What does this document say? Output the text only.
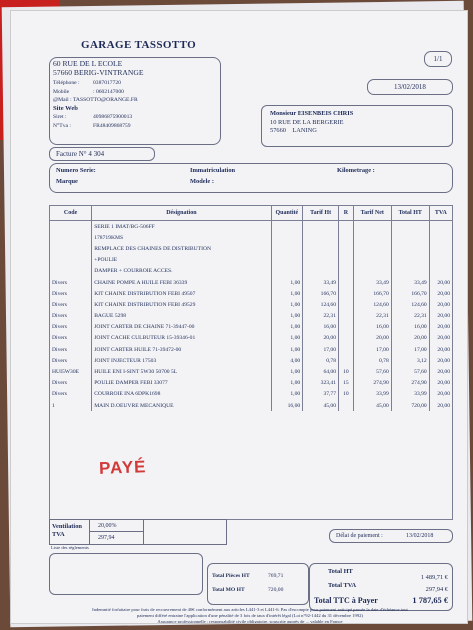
GARAGE TASSOTTO
60 RUE DE L ECOLE
57660 BERIG-VINTRANGE
Téléphone :	0387017720
Mobile	: 0602147000
@Mail : TASSOTTO@ORANGE.FR
Site Web
Siret :	40986875900013
N°Tva :	FR48409868759
1/1
13/02/2018
Monsieur EISENBEIS CHRIS
10 RUE DE LA BERGERIE
57660 LANING
Facture N° 4 304
Numero Serie:
Marque
Immatriculation
Modele :
Kilometrage :
Code	Désignation	Quantité	Tarif Ht	R	Tarif Net	Total HT	TVA
	SERIE 1 IMAT/BG-506FF						
	178719KMS						
	REMPLACE DES CHAINES DE DISTRIBUTION						
	+POULIE						
	DAMPER + COURROIE ACCES.						
Divers	CHAINE POMPE A HUILE FEBI 36339	1,00	33,49		33,49	33,49	20,00
Divers	KIT CHAINE DISTRIBUTION FEBI 49507	1,00	166,70		166,70	166,70	20,00
Divers	KIT CHAINE DISTRIBUTION FEBI 49529	1,00	124,60		124,60	124,60	20,00
Divers	BAGUE 5298	1,00	22,31		22,31	22,31	20,00
Divers	JOINT CARTER DE CHAINE 71-39447-00	1,00	16,00		16,00	16,00	20,00
Divers	JOINT CACHE CULBUTEUR 15-39346-01	1,00	20,00		20,00	20,00	20,00
Divers	JOINT CARTER HUILE 71-39472-00	1,00	17,00		17,00	17,00	20,00
Divers	JOINT INJECTEUR 17503	4,00	0,78		0,78	3,12	20,00
HUI5W30E	HUILE ENI I-SINT 5W30 50700 5L	1,00	64,00	10	57,60	57,60	20,00
Divers	POULIE DAMPER FEBI 33077	1,00	323,41	15	274,90	274,90	20,00
Divers	COURROIE INA 6DPK1698	1,00	37,77	10	33,99	33,99	20,00
1	MAIN D.OEUVRE MECANIQUE	16,00	45,00		45,00	720,00	20,00
PAYÉ
Ventilation
TVA
20,00%
297,94	Délai de paiement :	13/02/2018
Liste des règlements
Total Pièces HT	769,71
Total MO HT	720,00
Total HT
1 489,71 €
Total TVA
297,94 €
Total TTC à Payer	1 787,65 €
Indemnité forfaitaire pour frais de recouvrement de 40€ conformément aux articles L441-3 et L441-6. Pas d'escompte pour paiement anticipé passée la date d'échéance.tout
paiement différé entraine l'application d'une pénalité de 3 fois de taux d'intérêt légal (Loi n°92-1442 du 31 décembre 1992)
Assurance professionnelle : responsabilité civile obligatoire, souscrite auprès de ... valable en France
